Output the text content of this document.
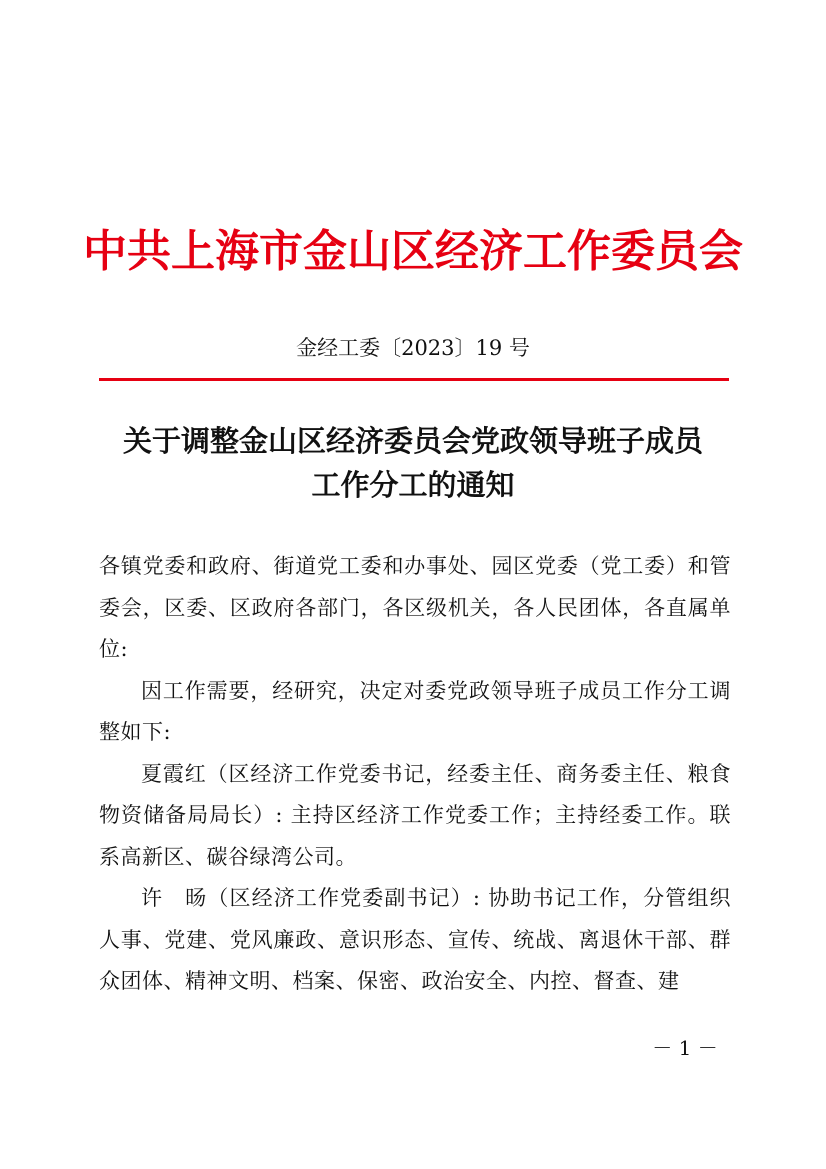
中共上海市金山区经济工作委员会
金经工委〔2023〕19 号
关于调整金山区经济委员会党政领导班子成员
工作分工的通知

各镇党委和政府、街道党工委和办事处、园区党委（党工委）和管委会，区委、区政府各部门，各区级机关，各人民团体，各直属单位:

因工作需要，经研究，决定对委党政领导班子成员工作分工调整如下:

夏霞红（区经济工作党委书记，经委主任、商务委主任、粮食物资储备局局长）: 主持区经济工作党委工作；主持经委工作。联系高新区、碳谷绿湾公司。

许　旸（区经济工作党委副书记）: 协助书记工作，分管组织人事、党建、党风廉政、意识形态、宣传、统战、离退休干部、群众团体、精神文明、档案、保密、政治安全、内控、督查、建

－ 1 －
